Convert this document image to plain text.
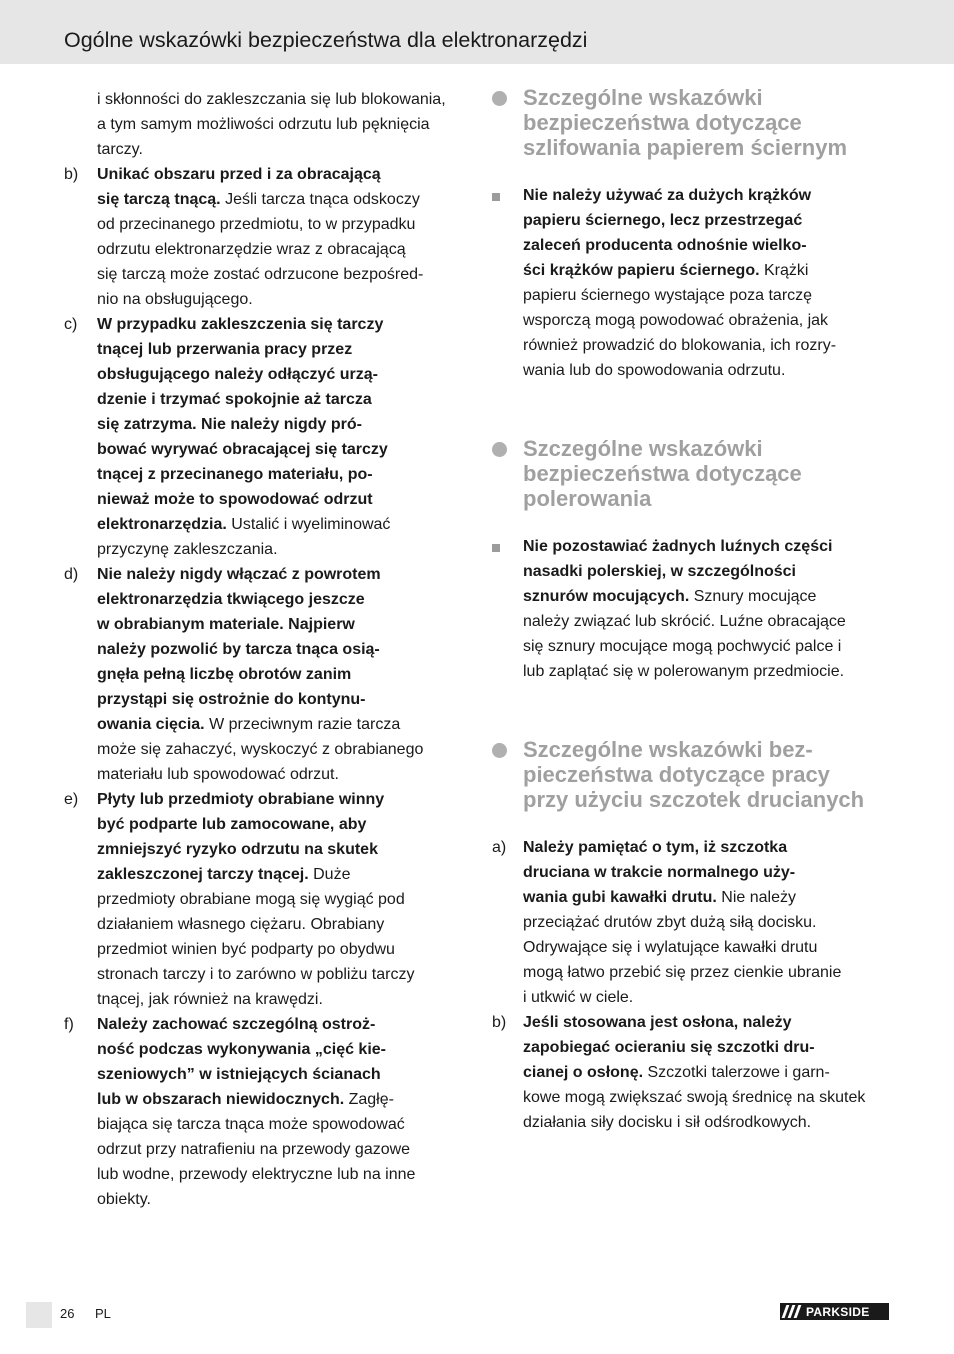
Ogólne wskazówki bezpieczeństwa dla elektronarzędzi
i skłonności do zakleszczania się lub blokowania,
a tym samym możliwości odrzutu lub pęknięcia
tarczy.
b)	Unikać obszaru przed i za obracającą
się tarczą tnącą. Jeśli tarcza tnąca odskoczy
od przecinanego przedmiotu, to w przypadku
odrzutu elektronarzędzie wraz z obracającą
się tarczą może zostać odrzucone bezpośred-
nio na obsługującego.
c)	W przypadku zakleszczenia się tarczy
tnącej lub przerwania pracy przez
obsługującego należy odłączyć urzą-
dzenie i trzymać spokojnie aż tarcza
się zatrzyma. Nie należy nigdy pró-
bować wyrywać obracającej się tarczy
tnącej z przecinanego materiału, po-
nieważ może to spowodować odrzut
elektronarzędzia. Ustalić i wyeliminować
przyczynę zakleszczania.
d)	Nie należy nigdy włączać z powrotem
elektronarzędzia tkwiącego jeszcze
w obrabianym materiale. Najpierw
należy pozwolić by tarcza tnąca osią-
gnęła pełną liczbę obrotów zanim
przystąpi się ostrożnie do kontynu-
owania cięcia. W przeciwnym razie tarcza
może się zahaczyć, wyskoczyć z obrabianego
materiału lub spowodować odrzut.
e)	Płyty lub przedmioty obrabiane winny
być podparte lub zamocowane, aby
zmniejszyć ryzyko odrzutu na skutek
zakleszczonej tarczy tnącej. Duże
przedmioty obrabiane mogą się wygiąć pod
działaniem własnego ciężaru. Obrabiany
przedmiot winien być podparty po obydwu
stronach tarczy i to zarówno w pobliżu tarczy
tnącej, jak również na krawędzi.
f)	Należy zachować szczególną ostroż-
ność podczas wykonywania „cięć kie-
szeniowych” w istniejących ścianach
lub w obszarach niewidocznych. Zagłę-
biająca się tarcza tnąca może spowodować
odrzut przy natrafieniu na przewody gazowe
lub wodne, przewody elektryczne lub na inne
obiekty.
Szczególne wskazówki
bezpieczeństwa dotyczące
szlifowania papierem ściernym
Nie należy używać za dużych krążków
papieru ściernego, lecz przestrzegać
zaleceń producenta odnośnie wielko-
ści krążków papieru ściernego. Krążki
papieru ściernego wystające poza tarczę
wsporczą mogą powodować obrażenia, jak
również prowadzić do blokowania, ich rozry-
wania lub do spowodowania odrzutu.
Szczególne wskazówki
bezpieczeństwa dotyczące
polerowania
Nie pozostawiać żadnych luźnych części
nasadki polerskiej, w szczególności
sznurów mocujących. Sznury mocujące
należy związać lub skrócić. Luźne obracające
się sznury mocujące mogą pochwycić palce i
lub zaplątać się w polerowanym przedmiocie.
Szczególne wskazówki bez-
pieczeństwa dotyczące pracy
przy użyciu szczotek drucianych
a)	Należy pamiętać o tym, iż szczotka
druciana w trakcie normalnego uży-
wania gubi kawałki drutu. Nie należy
przeciążać drutów zbyt dużą siłą docisku.
Odrywające się i wylatujące kawałki drutu
mogą łatwo przebić się przez cienkie ubranie
i utkwić w ciele.
b)	Jeśli stosowana jest osłona, należy
zapobiegać ocieraniu się szczotki dru-
cianej o osłonę. Szczotki talerzowe i garn-
kowe mogą zwiększać swoją średnicę na skutek
działania siły docisku i sił odśrodkowych.
26 PL	PARKSIDE
